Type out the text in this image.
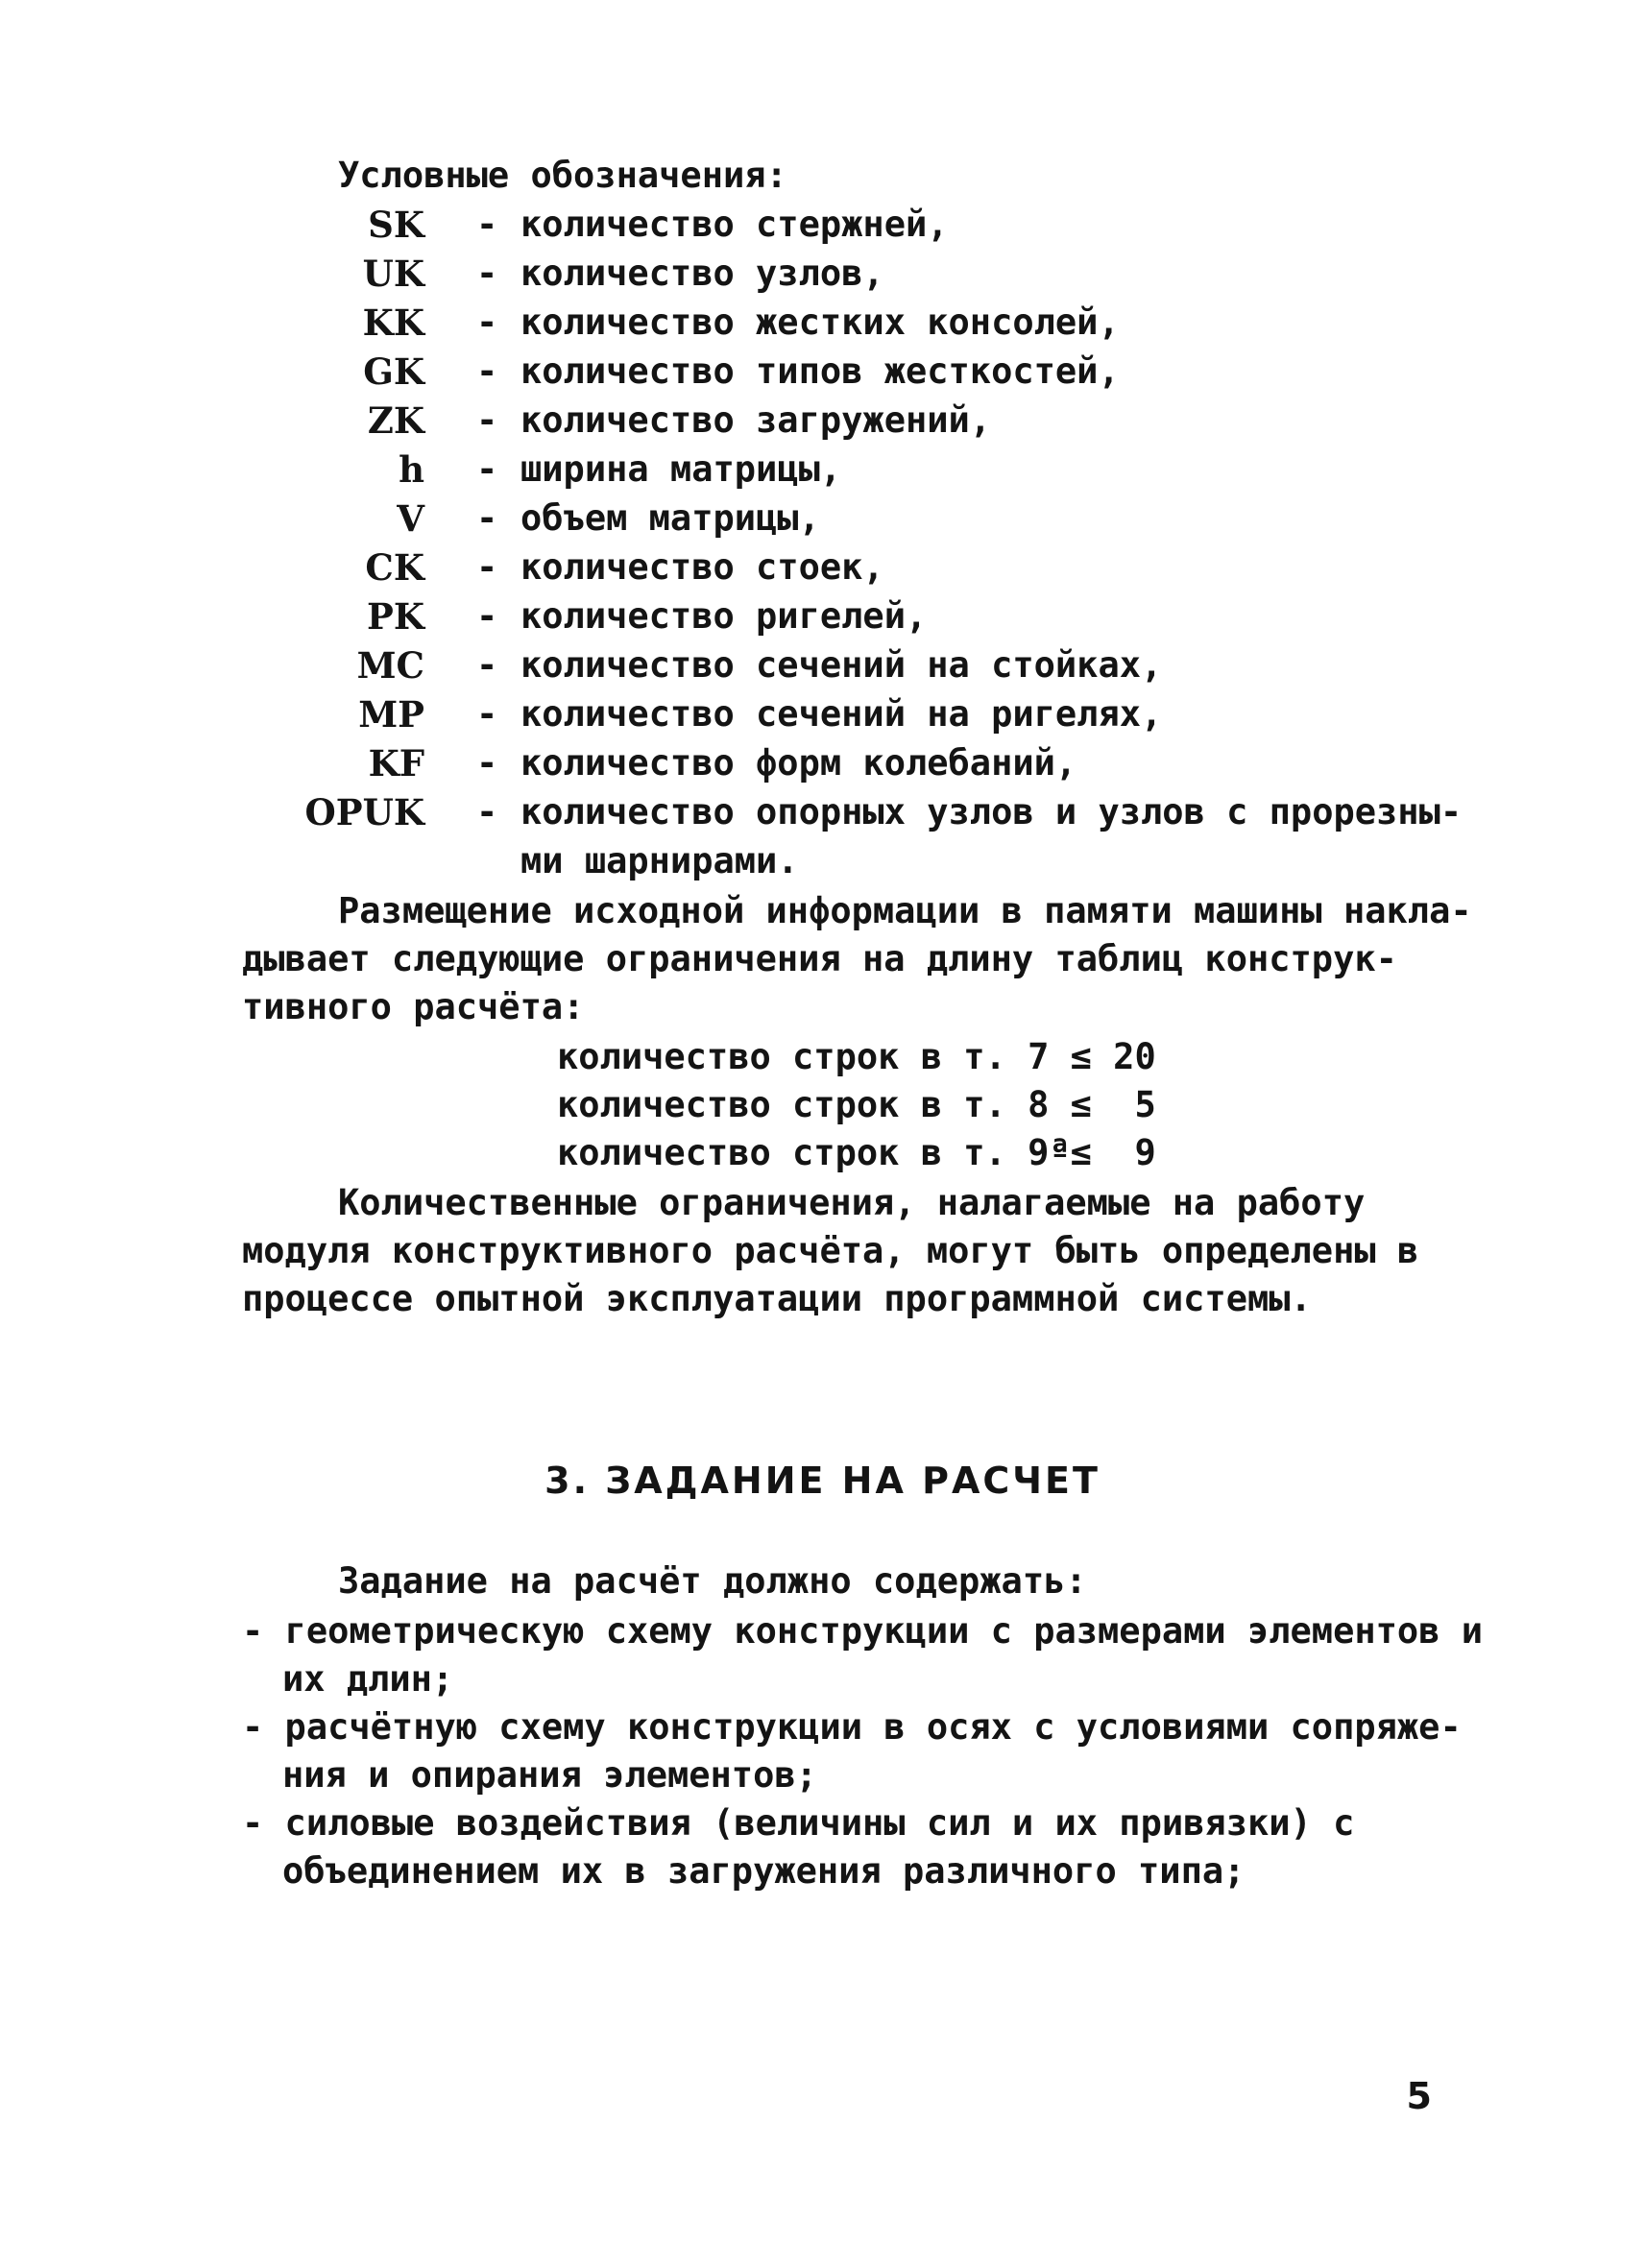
Условные обозначения:
SK - количество стержней,
UK - количество узлов,
KK - количество жестких консолей,
GK - количество типов жесткостей,
ZK - количество загружений,
h - ширина матрицы,
V - объем матрицы,
CK - количество стоек,
PK - количество ригелей,
MC - количество сечений на стойках,
MP - количество сечений на ригелях,
KF - количество форм колебаний,
OPUK - количество опорных узлов и узлов с прорезны-
ми шарнирами.
Размещение исходной информации в памяти машины накла-
дывает следующие ограничения на длину таблиц конструк-
тивного расчёта:
количество строк в т. 7 ≤ 20
количество строк в т. 8 ≤  5
количество строк в т. 9ª≤  9
Количественные ограничения, налагаемые на работу
модуля конструктивного расчёта, могут быть определены в
процессе опытной эксплуатации программной системы.
3. ЗАДАНИЕ НА РАСЧЕТ
Задание на расчёт должно содержать:
- геометрическую схему конструкции с размерами элементов и
их длин;
- расчётную схему конструкции в осях с условиями сопряже-
ния и опирания элементов;
- силовые воздействия (величины сил и их привязки) с
объединением их в загружения различного типа;
5
